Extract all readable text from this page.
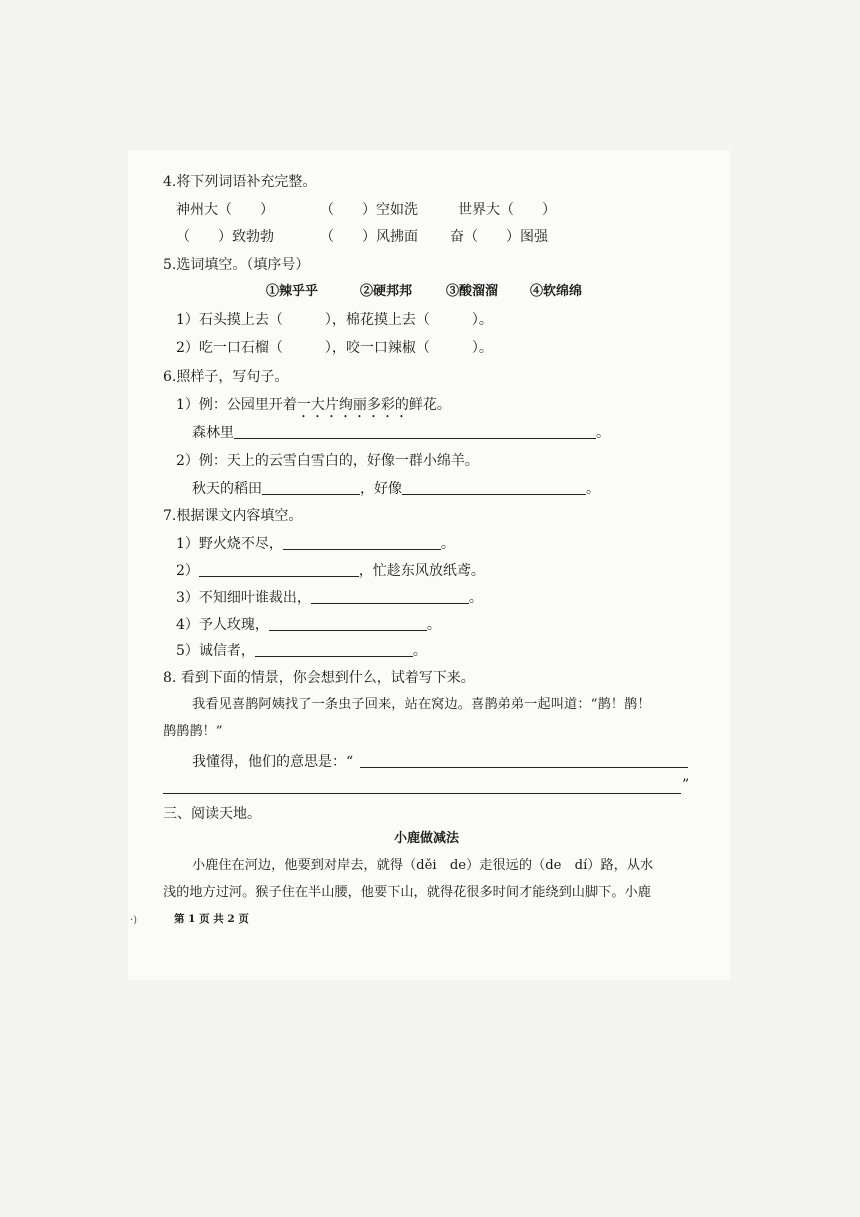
4.将下列词语补充完整。
神州大（　　）	（　　）空如洗	世界大（　　）
（　　）致勃勃	（　　）风拂面 奋（　　）图强
5.选词填空。（填序号）
①辣乎乎	②硬邦邦	③酸溜溜 ④软绵绵
1）石头摸上去（　　　），棉花摸上去（　　　）。
2）吃一口石榴（　　　），咬一口辣椒（　　　）。
6.照样子，写句子。
1）例：公园里开着一大片绚丽多彩的鲜花。
森林里	。
2）例：天上的云雪白雪白的，好像一群小绵羊。
秋天的稻田	，好像	。
7.根据课文内容填空。
1）野火烧不尽，	。
2）	，忙趁东风放纸鸢。
3）不知细叶谁裁出，	。
4）予人玫瑰，	。
5）诚信者，	。
8. 看到下面的情景，你会想到什么，试着写下来。
我看见喜鹊阿姨找了一条虫子回来，站在窝边。喜鹊弟弟一起叫道：“鹊！鹊！
鹊鹊鹊！”
我懂得，他们的意思是：“
”
三、阅读天地。
小鹿做减法
小鹿住在河边，他要到对岸去，就得（děi　de）走很远的（de　dí）路，从水
浅的地方过河。猴子住在半山腰，他要下山，就得花很多时间才能绕到山脚下。小鹿
·)	第 1 页 共 2 页
